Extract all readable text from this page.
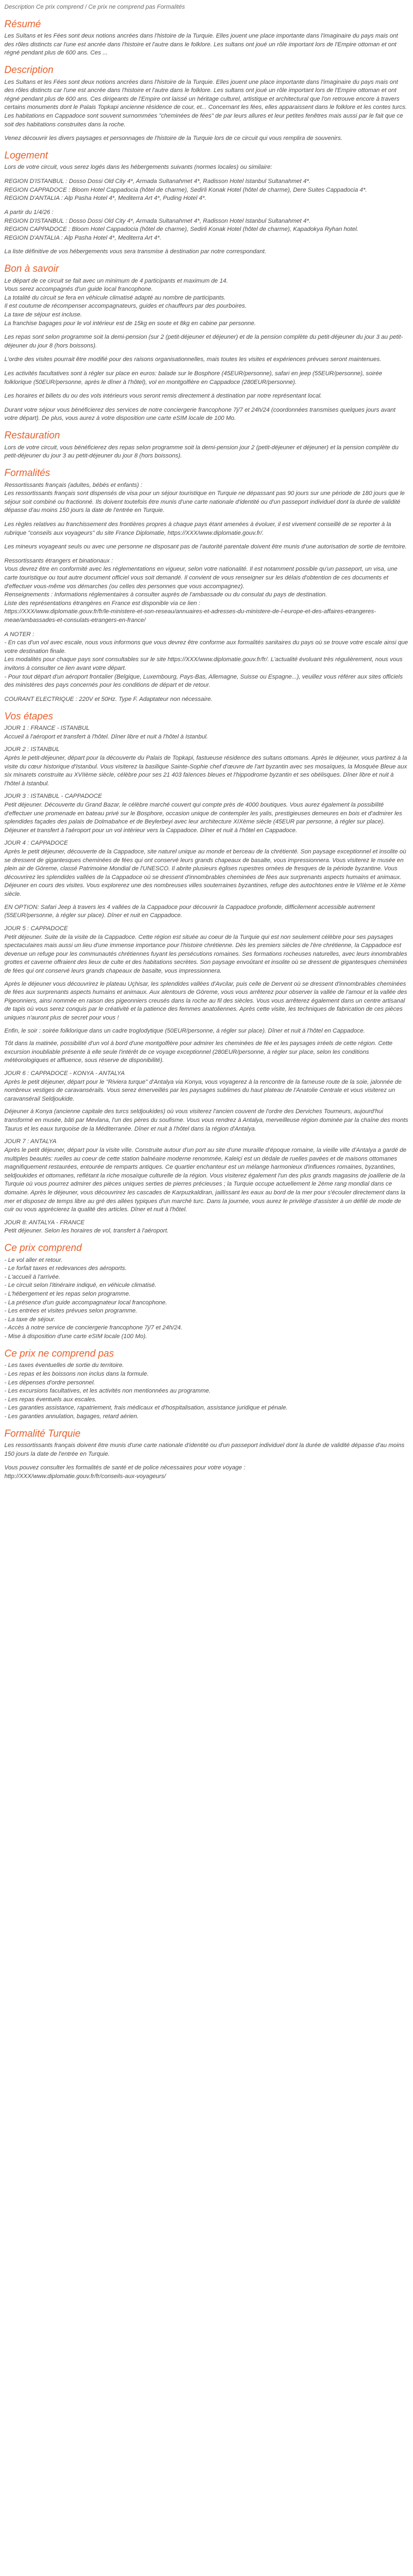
Description Ce prix comprend / Ce prix ne comprend pas Formalités

Résumé

Les Sultans et les Fées sont deux notions ancrées dans l'histoire de la Turquie. Elles jouent une place importante dans l'imaginaire du pays mais ont des rôles distincts car l'une est ancrée dans l'histoire et l'autre dans le folklore. Les sultans ont joué un rôle important lors de l'Empire ottoman et ont régné pendant plus de 600 ans. Ces ...

Description

Les Sultans et les Fées sont deux notions ancrées dans l'histoire de la Turquie. Elles jouent une place importante dans l'imaginaire du pays mais ont des rôles distincts car l'une est ancrée dans l'histoire et l'autre dans le folklore. Les sultans ont joué un rôle important lors de l'Empire ottoman et ont régné pendant plus de 600 ans. Ces dirigeants de l'Empire ont laissé un héritage culturel, artistique et architectural que l'on retrouve encore à travers certains monuments dont le Palais Topkapi ancienne résidence de cour, et... Concernant les fées, elles apparaissent dans le folklore et les contes turcs. Les habitations en Cappadoce sont souvent surnommées "cheminées de fées" de par leurs allures et leur petites fenêtres mais aussi par le fait que ce soit des habitations construites dans la roche.

Venez découvrir les divers paysages et personnages de l'histoire de la Turquie lors de ce circuit qui vous remplira de souvenirs.

Logement

Lors de votre circuit, vous serez logés dans les hébergements suivants (normes locales) ou similaire:

REGION D'ISTANBUL : Dosso Dossi Old City 4*, Armada Sultanahmet 4*, Radisson Hotel Istanbul Sultanahmet 4*.
REGION CAPPADOCE : Bloom Hotel Cappadocia (hôtel de charme), Sedirli Konak Hotel (hôtel de charme), Dere Suites Cappadocia 4*.
REGION D'ANTALIA : Alp Pasha Hotel 4*, Mediterra Art 4*, Puding Hotel 4*.
A partir du 1/4/26 :
REGION D'ISTANBUL : Dosso Dossi Old City 4*, Armada Sultanahmet 4*, Radisson Hotel Istanbul Sultanahmet 4*.
REGION CAPPADOCE : Bloom Hotel Cappadocia (hôtel de charme), Sedirli Konak Hotel (hôtel de charme), Kapadokya Ryhan hotel.
REGION D'ANTALIA : Alp Pasha Hotel 4*, Mediterra Art 4*.

La liste définitive de vos hébergements vous sera transmise à destination par notre correspondant.

Bon à savoir
Le départ de ce circuit se fait avec un minimum de 4 participants et maximum de 14.
Vous serez accompagnés d'un guide local francophone.
La totalité du circuit se fera en véhicule climatisé adapté au nombre de participants.
Il est coutume de récompenser accompagnateurs, guides et chauffeurs par des pourboires.
La taxe de séjour est incluse.
La franchise bagages pour le vol intérieur est de 15kg en soute et 8kg en cabine par personne.

Les repas sont selon programme soit la demi-pension (sur 2 (petit-déjeuner et déjeuner) et de la pension complète du petit-déjeuner du jour 3 au petit-déjeuner du jour 8 (hors boissons).

L'ordre des visites pourrait être modifié pour des raisons organisationnelles, mais toutes les visites et expériences prévues seront maintenues.

Les activités facultatives sont à régler sur place en euros: balade sur le Bosphore (45EUR/personne), safari en jeep (55EUR/personne), soirée folklorique (50EUR/personne, après le dîner à l'hôtel), vol en montgolfière en Cappadoce (280EUR/personne).

Les horaires et billets du ou des vols intérieurs vous seront remis directement à destination par notre représentant local.

Durant votre séjour vous bénéficierez des services de notre conciergerie francophone 7j/7 et 24h/24 (coordonnées transmises quelques jours avant votre départ). De plus, vous aurez à votre disposition une carte eSIM locale de 100 Mo.

Restauration

Lors de votre circuit, vous bénéficierez des repas selon programme soit la demi-pension jour 2 (petit-déjeuner et déjeuner) et la pension complète du petit-déjeuner du jour 3 au petit-déjeuner du jour 8 (hors boissons).

Formalités
Ressortissants français (adultes, bébés et enfants) :

Les ressortissants français sont dispensés de visa pour un séjour touristique en Turquie ne dépassant pas 90 jours sur une période de 180 jours que le séjour soit combiné ou fractionné. Ils doivent toutefois être munis d'une carte nationale d'identité ou d'un passeport individuel dont la durée de validité dépasse d'au moins 150 jours la date de l'entrée en Turquie.

Les règles relatives au franchissement des frontières propres à chaque pays étant amenées à évoluer, il est vivement conseillé de se reporter à la rubrique "conseils aux voyageurs" du site France Diplomatie, https://XXX/www.diplomatie.gouv.fr/.

Les mineurs voyageant seuls ou avec une personne ne disposant pas de l'autorité parentale doivent être munis d'une autorisation de sortie de territoire.

Ressortissants étrangers et binationaux :
Vous devrez être en conformité avec les réglementations en vigueur, selon votre nationalité. Il est notamment possible qu'un passeport, un visa, une carte touristique ou tout autre document officiel vous soit demandé. Il convient de vous renseigner sur les délais d'obtention de ces documents et d'effectuer vous-même vos démarches (ou celles des personnes que vous accompagnez).
Renseignements : Informations réglementaires à consulter auprès de l'ambassade ou du consulat du pays de destination.
Liste des représentations étrangères en France est disponible via ce lien :
https://XXX/www.diplomatie.gouv.fr/fr/le-ministere-et-son-reseau/annuaires-et-adresses-du-ministere-de-l-europe-et-des-affaires-etrangeres-meae/ambassades-et-consulats-etrangers-en-france/
A NOTER :
- En cas d'un vol avec escale, nous vous informons que vous devrez être conforme aux formalités sanitaires du pays où se trouve votre escale ainsi que votre destination finale.
Les modalités pour chaque pays sont consultables sur le site https://XXX/www.diplomatie.gouv.fr/fr/. L'actualité évoluant très régulièrement, nous vous invitons à consulter ce lien avant votre départ.
- Pour tout départ d'un aéroport frontalier (Belgique, Luxembourg, Pays-Bas, Allemagne, Suisse ou Espagne...), veuillez vous référer aux sites officiels des ministères des pays concernés pour les conditions de départ et de retour.

COURANT ELECTRIQUE : 220V et 50Hz. Type F. Adaptateur non nécessaire.

Vos étapes
JOUR 1 : FRANCE - ISTANBUL

Accueil à l'aéroport et transfert à l'hôtel. Dîner libre et nuit à l'hôtel à Istanbul.

JOUR 2 : ISTANBUL

Après le petit-déjeuner, départ pour la découverte du Palais de Topkapi, fastueuse résidence des sultans ottomans. Après le déjeuner, vous partirez à la visite du cœur historique d'Istanbul. Vous visiterez la basilique Sainte-Sophie chef d'œuvre de l'art byzantin avec ses mosaïques, la Mosquée Bleue aux six minarets construite au XVIIème siècle, célèbre pour ses 21 403 faïences bleues et l'hippodrome byzantin et ses obélisques. Dîner libre et nuit à l'hôtel à Istanbul.

JOUR 3 : ISTANBUL - CAPPADOCE

Petit déjeuner. Découverte du Grand Bazar, le célèbre marché couvert qui compte près de 4000 boutiques. Vous aurez également la possibilité d'effectuer une promenade en bateau privé sur le Bosphore, occasion unique de contempler les yalis, prestigieuses demeures en bois et d'admirer les splendides façades des palais de Dolmabahce et de Beylerbeyi avec leur architecture XIXème siècle (45EUR par personne, à régler sur place). Déjeuner et transfert à l'aéroport pour un vol intérieur vers la Cappadoce. Dîner et nuit à l'hôtel en Cappadoce.

JOUR 4 : CAPPADOCE

Après le petit déjeuner, découverte de la Cappadoce, site naturel unique au monde et berceau de la chrétienté. Son paysage exceptionnel et insolite où se dressent de gigantesques cheminées de fées qui ont conservé leurs grands chapeaux de basalte, vous impressionnera. Vous visiterez le musée en plein air de Göreme, classé Patrimoine Mondial de l'UNESCO. Il abrite plusieurs églises rupestres ornées de fresques de la période byzantine. Vous découvrirez les splendides vallées de la Cappadoce où se dressent d'innombrables cheminées de fées aux surprenants aspects humains et animaux. Déjeuner en cours des visites. Vous explorerez une des nombreuses villes souterraines byzantines, refuge des autochtones entre le VIIème et le Xème siècle.

EN OPTION: Safari Jeep à travers les 4 vallées de la Cappadoce pour découvrir la Cappadoce profonde, difficilement accessible autrement (55EUR/personne, à régler sur place). Dîner et nuit en Cappadoce.

JOUR 5 : CAPPADOCE

Petit déjeuner. Suite de la visite de la Cappadoce. Cette région est située au coeur de la Turquie qui est non seulement célèbre pour ses paysages spectaculaires mais aussi un lieu d'une immense importance pour l'histoire chrétienne. Dès les premiers siècles de l'ère chrétienne, la Cappadoce est devenue un refuge pour les communautés chrétiennes fuyant les persécutions romaines. Ses formations rocheuses naturelles, avec leurs innombrables grottes et caverne offraient des lieux de culte et des habitations secrètes. Son paysage envoûtant et insolite où se dressent de gigantesques cheminées de fées qui ont conservé leurs grands chapeaux de basalte, vous impressionnera.

Après le déjeuner vous découvrirez le plateau Uçhisar, les splendides vallées d'Avcilar, puis celle de Dervent où se dressent d'innombrables cheminées de fées aux surprenants aspects humains et animaux. Aux alentours de Göreme, vous vous arrêterez pour observer la vallée de l'amour et la vallée des Pigeonniers, ainsi nommée en raison des pigeonniers creusés dans la roche au fil des siècles. Vous vous arrêterez également dans un centre artisanal de tapis où vous serez conquis par le créativité et la patience des femmes anatoliennes. Après cette visite, les techniques de fabrication de ces pièces uniques n'auront plus de secret pour vous !

Enfin, le soir : soirée folklorique dans un cadre troglodytique (50EUR/personne, à régler sur place). Dîner et nuit à l'hôtel en Cappadoce.

Tôt dans la matinée, possibilité d'un vol à bord d'une montgolfière pour admirer les cheminées de fée et les paysages irréels de cette région. Cette excursion inoubliable présente à elle seule l'intérêt de ce voyage exceptionnel (280EUR/personne, à régler sur place, selon les conditions météorologiques et affluence, sous réserve de disponibilité).

JOUR 6 : CAPPADOCE - KONYA - ANTALYA

Après le petit déjeuner, départ pour le "Riviera turque" d'Antalya via Konya, vous voyagerez à la rencontre de la fameuse route de la soie, jalonnée de nombreux vestiges de caravansérails. Vous serez émerveillés par les paysages sublimes du haut plateau de l'Anatolie Centrale et vous visiterez un caravansérail Seldjoukide.

Déjeuner à Konya (ancienne capitale des turcs seldjoukides) où vous visiterez l'ancien couvent de l'ordre des Derviches Tourneurs, aujourd'hui transformé en musée, bâti par Mevlana, l'un des pères du soufisme. Vous vous rendrez à Antalya, merveilleuse région dominée par la chaîne des monts Taurus et les eaux turquoise de la Méditerranée. Dîner et nuit à l'hôtel dans la région d'Antalya.

JOUR 7 : ANTALYA

Après le petit déjeuner, départ pour la visite ville. Construite autour d'un port au site d'une muraille d'époque romaine, la vieille ville d'Antalya a gardé de multiples beautés: ruelles au coeur de cette station balnéaire moderne renommée, Kaleiçi est un dédale de ruelles pavées et de maisons ottomanes magnifiquement restaurées, entourée de remparts antiques. Ce quartier enchanteur est un mélange harmonieux d'influences romaines, byzantines, seldjoukides et ottomanes, reflétant la riche mosaïque culturelle de la région. Vous visiterez également l'un des plus grands magasins de joaillerie de la Turquie où vous pourrez admirer des pièces uniques serties de pierres précieuses ; la Turquie occupe actuellement le 2ème rang mondial dans ce domaine. Après le déjeuner, vous découvrirez les cascades de Karpuzkaldiran, jaillissant les eaux au bord de la mer pour s'écouler directement dans la mer et disposez de temps libre au gré des allées typiques d'un marché turc. Dans la journée, vous aurez le privilège d'assister à un défilé de mode de cuir ou vous apprécierez la qualité des articles. Dîner et nuit à l'hôtel.

JOUR 8: ANTALYA - FRANCE

Petit déjeuner. Selon les horaires de vol, transfert à l'aéroport.

Ce prix comprend
- Le vol aller et retour.
- Le forfait taxes et redevances des aéroports.
- L'accueil à l'arrivée.
- Le circuit selon l'itinéraire indiqué, en véhicule climatisé.
- L'hébergement et les repas selon programme.
- La présence d'un guide accompagnateur local francophone.
- Les entrées et visites prévues selon programme.
- La taxe de séjour.
- Accès à notre service de conciergerie francophone 7j/7 et 24h/24.
- Mise à disposition d'une carte eSIM locale (100 Mo).
Ce prix ne comprend pas
- Les taxes éventuelles de sortie du territoire.
- Les repas et les boissons non inclus dans la formule.
- Les dépenses d'ordre personnel.
- Les excursions facultatives, et les activités non mentionnées au programme.
- Les repas éventuels aux escales.
- Les garanties assistance, rapatriement, frais médicaux et d'hospitalisation, assistance juridique et pénale.
- Les garanties annulation, bagages, retard aérien.
Formalité Turquie

Les ressortissants français doivent être munis d'une carte nationale d'identité ou d'un passeport individuel dont la durée de validité dépasse d'au moins 150 jours la date de l'entrée en Turquie.

Vous pouvez consulter les formalités de santé et de police nécessaires pour votre voyage :
http://XXX/www.diplomatie.gouv.fr/fr/conseils-aux-voyageurs/
